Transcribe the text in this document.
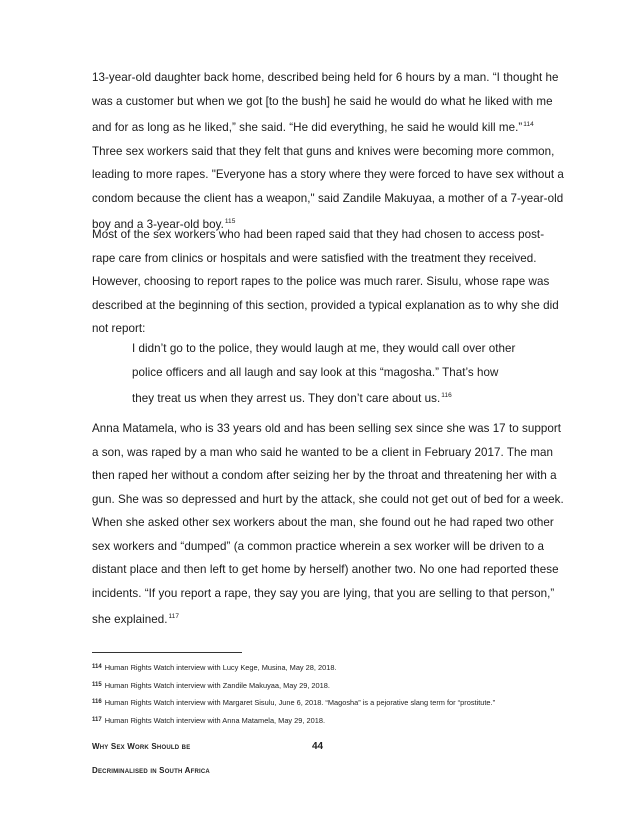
13-year-old daughter back home, described being held for 6 hours by a man. “I thought he
was a customer but when we got [to the bush] he said he would do what he liked with me
and for as long as he liked,” she said. “He did everything, he said he would kill me.”$^{114}$
Three sex workers said that they felt that guns and knives were becoming more common,
leading to more rapes. "Everyone has a story where they were forced to have sex without a
condom because the client has a weapon," said Zandile Makuyaa, a mother of a 7-year-old
boy and a 3-year-old boy.$^{115}$
Most of the sex workers who had been raped said that they had chosen to access post-
rape care from clinics or hospitals and were satisfied with the treatment they received.
However, choosing to report rapes to the police was much rarer. Sisulu, whose rape was
described at the beginning of this section, provided a typical explanation as to why she did
not report:
I didn’t go to the police, they would laugh at me, they would call over other
police officers and all laugh and say look at this “magosha.” That’s how
they treat us when they arrest us. They don’t care about us.$^{116}$
Anna Matamela, who is 33 years old and has been selling sex since she was 17 to support
a son, was raped by a man who said he wanted to be a client in February 2017. The man
then raped her without a condom after seizing her by the throat and threatening her with a
gun. She was so depressed and hurt by the attack, she could not get out of bed for a week.
When she asked other sex workers about the man, she found out he had raped two other
sex workers and “dumped” (a common practice wherein a sex worker will be driven to a
distant place and then left to get home by herself) another two. No one had reported these
incidents. “If you report a rape, they say you are lying, that you are selling to that person,”
she explained.$^{117}$
$^{114}$ Human Rights Watch interview with Lucy Kege, Musina, May 28, 2018.
$^{115}$ Human Rights Watch interview with Zandile Makuyaa, May 29, 2018.
$^{116}$ Human Rights Watch interview with Margaret Sisulu, June 6, 2018. “Magosha” is a pejorative slang term for “prostitute.”
$^{117}$ Human Rights Watch interview with Anna Matamela, May 29, 2018.
Why Sex Work Should be
Decriminalised in South Africa
44
